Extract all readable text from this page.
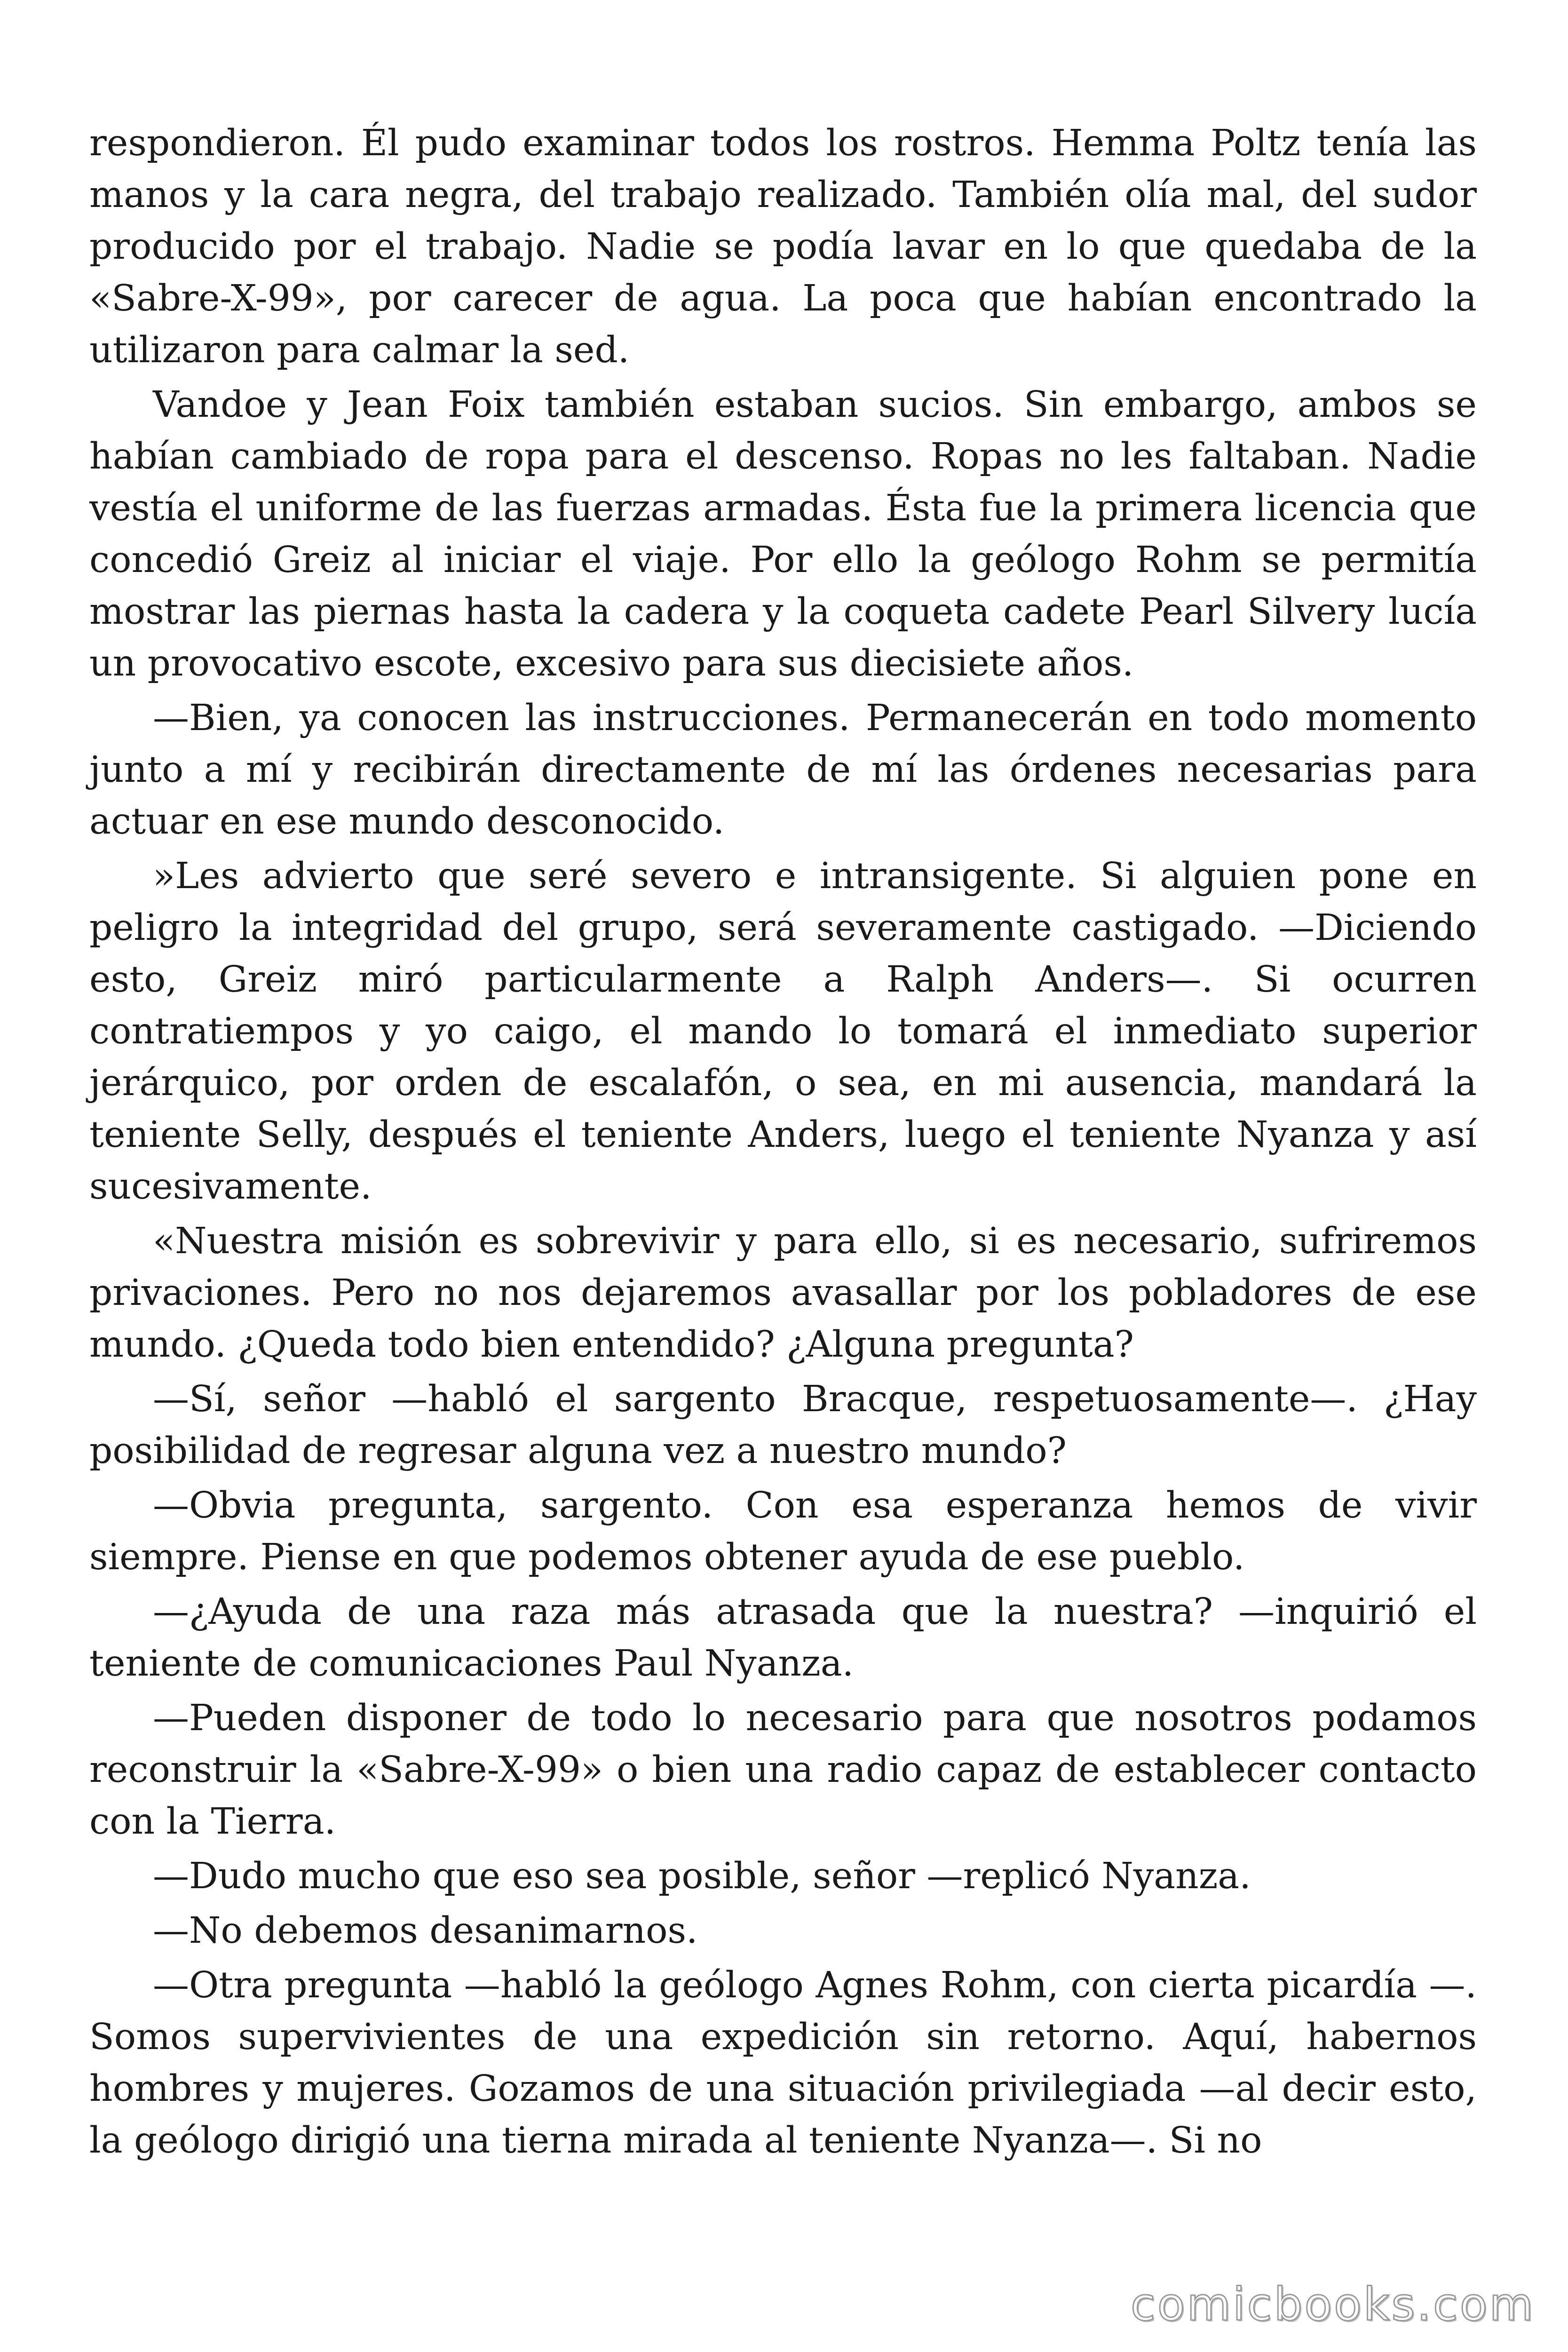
respondieron. Él pudo examinar todos los rostros. Hemma Poltz tenía las manos y la cara negra, del trabajo realizado. También olía mal, del sudor producido por el trabajo. Nadie se podía lavar en lo que quedaba de la «Sabre-X-99», por carecer de agua. La poca que habían encontrado la utilizaron para calmar la sed.

Vandoe y Jean Foix también estaban sucios. Sin embargo, ambos se habían cambiado de ropa para el descenso. Ropas no les faltaban. Nadie vestía el uniforme de las fuerzas armadas. Ésta fue la primera licencia que concedió Greiz al iniciar el viaje. Por ello la geólogo Rohm se permitía mostrar las piernas hasta la cadera y la coqueta cadete Pearl Silvery lucía un provocativo escote, excesivo para sus diecisiete años.

—Bien, ya conocen las instrucciones. Permanecerán en todo momento junto a mí y recibirán directamente de mí las órdenes necesarias para actuar en ese mundo desconocido.

»Les advierto que seré severo e intransigente. Si alguien pone en peligro la integridad del grupo, será severamente castigado. —Diciendo esto, Greiz miró particularmente a Ralph Anders—. Si ocurren contratiempos y yo caigo, el mando lo tomará el inmediato superior jerárquico, por orden de escalafón, o sea, en mi ausencia, mandará la teniente Selly, después el teniente Anders, luego el teniente Nyanza y así sucesivamente.

«Nuestra misión es sobrevivir y para ello, si es necesario, sufriremos privaciones. Pero no nos dejaremos avasallar por los pobladores de ese mundo. ¿Queda todo bien entendido? ¿Alguna pregunta?

—Sí, señor —habló el sargento Bracque, respetuosamente—. ¿Hay posibilidad de regresar alguna vez a nuestro mundo?

—Obvia pregunta, sargento. Con esa esperanza hemos de vivir siempre. Piense en que podemos obtener ayuda de ese pueblo.

—¿Ayuda de una raza más atrasada que la nuestra? —inquirió el teniente de comunicaciones Paul Nyanza.

—Pueden disponer de todo lo necesario para que nosotros podamos reconstruir la «Sabre-X-99» o bien una radio capaz de establecer contacto con la Tierra.

—Dudo mucho que eso sea posible, señor —replicó Nyanza.

—No debemos desanimarnos.

—Otra pregunta —habló la geólogo Agnes Rohm, con cierta picardía —. Somos supervivientes de una expedición sin retorno. Aquí, habernos hombres y mujeres. Gozamos de una situación privilegiada —al decir esto, la geólogo dirigió una tierna mirada al teniente Nyanza—. Si no

comicbooks.com
